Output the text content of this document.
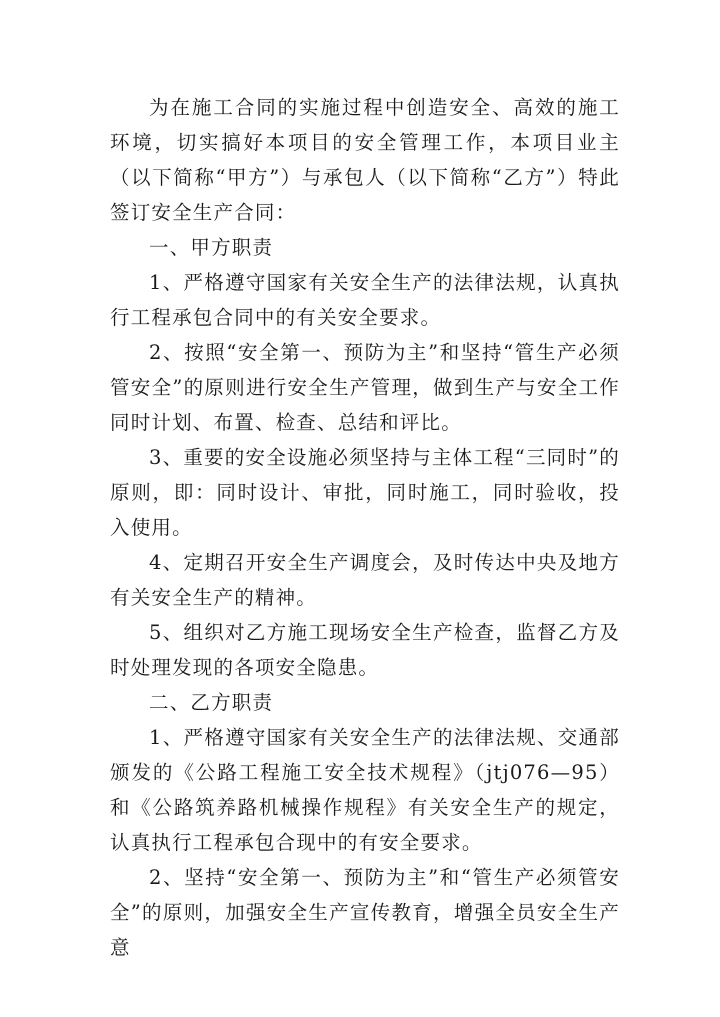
为在施工合同的实施过程中创造安全、高效的施工环境，切实搞好本项目的安全管理工作，本项目业主（以下简称“甲方”）与承包人（以下简称“乙方”）特此签订安全生产合同：

一、甲方职责

1、严格遵守国家有关安全生产的法律法规，认真执行工程承包合同中的有关安全要求。

2、按照“安全第一、预防为主”和坚持“管生产必须管安全”的原则进行安全生产管理，做到生产与安全工作同时计划、布置、检查、总结和评比。

3、重要的安全设施必须坚持与主体工程“三同时”的原则，即：同时设计、审批，同时施工，同时验收，投入使用。

4、定期召开安全生产调度会，及时传达中央及地方有关安全生产的精神。

5、组织对乙方施工现场安全生产检查，监督乙方及时处理发现的各项安全隐患。

二、乙方职责

1、严格遵守国家有关安全生产的法律法规、交通部颁发的《公路工程施工安全技术规程》（jtj076—95）和《公路筑养路机械操作规程》有关安全生产的规定，认真执行工程承包合现中的有安全要求。

2、坚持“安全第一、预防为主”和“管生产必须管安全”的原则，加强安全生产宣传教育，增强全员安全生产意
